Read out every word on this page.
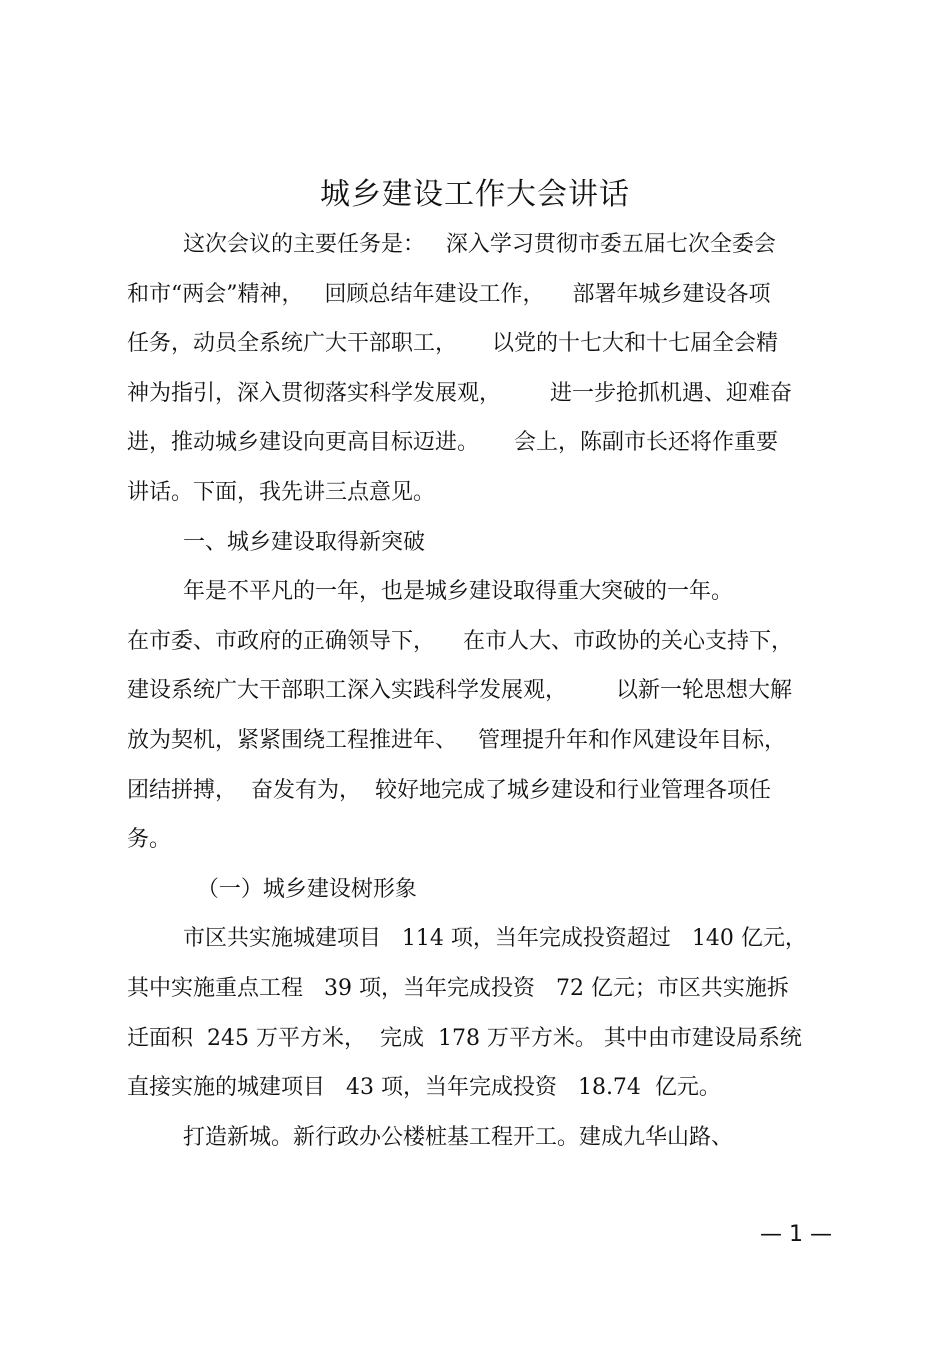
城乡建设工作大会讲话
这次会议的主要任务是：   深入学习贯彻市委五届七次全委会
和市“两会”精神，   回顾总结年建设工作，    部署年城乡建设各项
任务，动员全系统广大干部职工，     以党的十七大和十七届全会精
神为指引，深入贯彻落实科学发展观，       进一步抢抓机遇、迎难奋
进，推动城乡建设向更高目标迈进。     会上，陈副市长还将作重要
讲话。下面，我先讲三点意见。
一、城乡建设取得新突破
年是不平凡的一年，也是城乡建设取得重大突破的一年。
在市委、市政府的正确领导下，    在市人大、市政协的关心支持下，
建设系统广大干部职工深入实践科学发展观，       以新一轮思想大解
放为契机，紧紧围绕工程推进年、   管理提升年和作风建设年目标，
团结拼搏，  奋发有为，  较好地完成了城乡建设和行业管理各项任
务。
（一）城乡建设树形象
市区共实施城建项目   114 项，当年完成投资超过   140 亿元，
其中实施重点工程   39 项，当年完成投资   72 亿元；市区共实施拆
迁面积  245 万平方米，  完成  178 万平方米。 其中由市建设局系统
直接实施的城建项目   43 项，当年完成投资   18.74  亿元。
打造新城。新行政办公楼桩基工程开工。建成九华山路、
— 1 —
